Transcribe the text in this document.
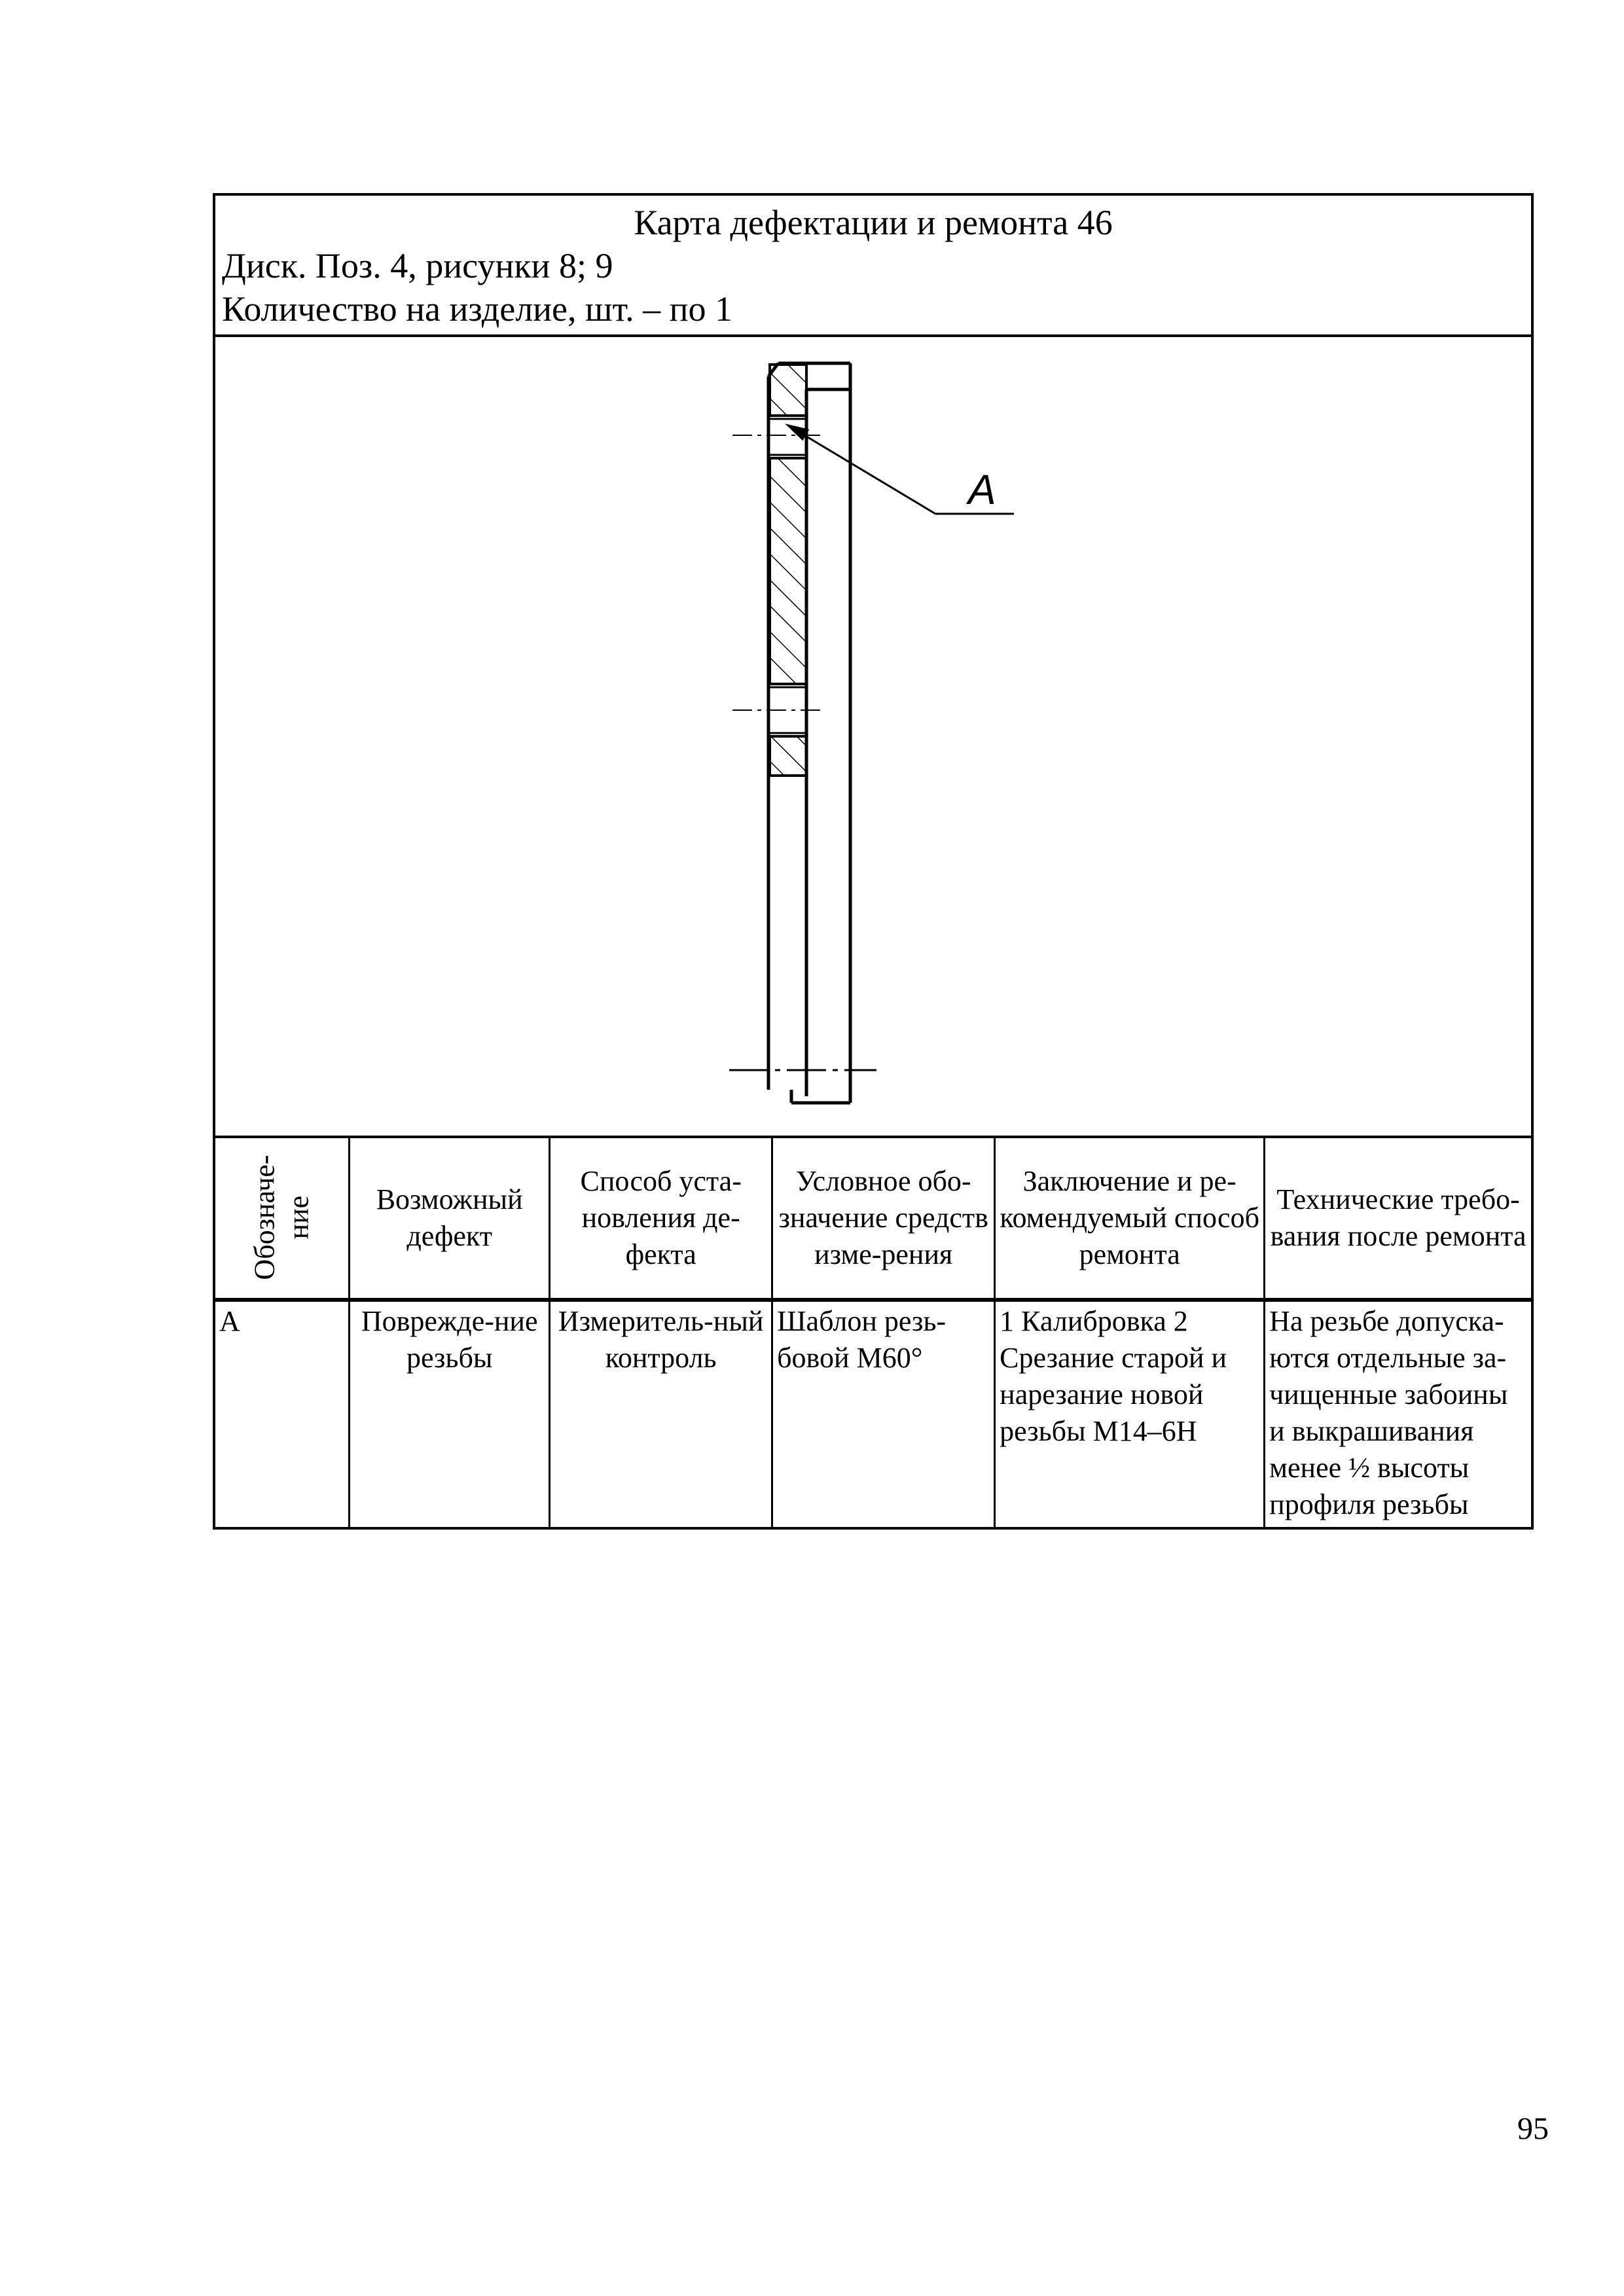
Карта дефектации и ремонта 46
Диск. Поз. 4, рисунки 8; 9
Количество на изделие, шт. – по 1
А
Обозначе-
ние	Возможный дефект	Способ уста-новления де-фекта	Условное обо-значение средств изме-рения	Заключение и ре-комендуемый способ ремонта	Технические требо-вания после ремонта
А	Поврежде-ние резьбы	Измеритель-ный контроль	Шаблон резь-бовой М60°	1 Калибровка 2 Срезание старой и нарезание новой резьбы М14–6Н	На резьбе допуска-ются отдельные за-чищенные забоины и выкрашивания менее ½ высоты профиля резьбы
95
